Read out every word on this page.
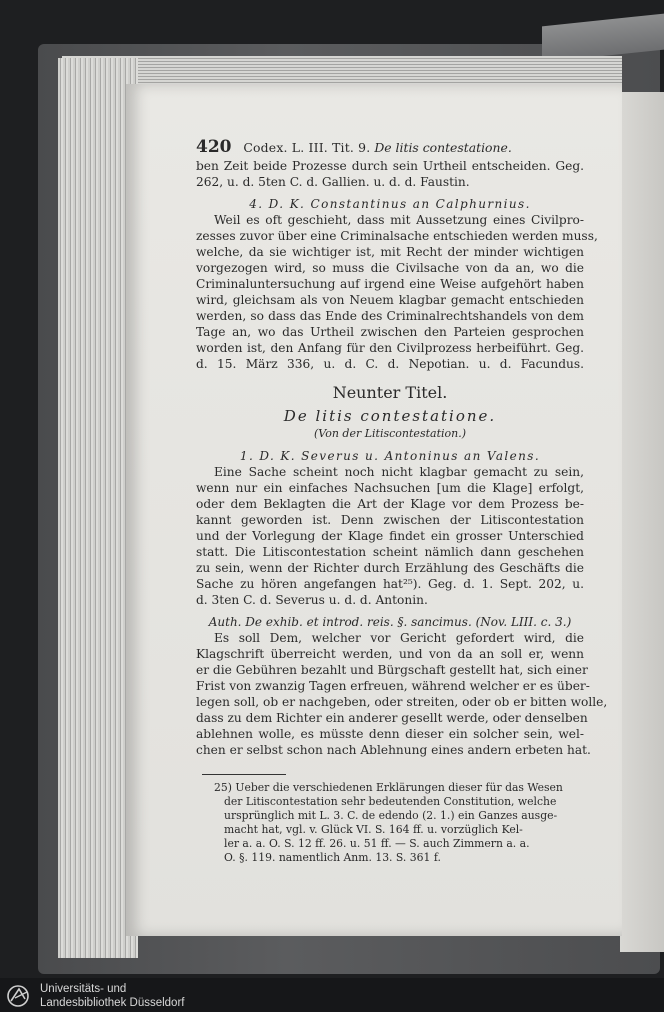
420 Codex. L. III. Tit. 9. De litis contestatione.
ben Zeit beide Prozesse durch sein Urtheil entscheiden. Geg.
262, u. d. 5ten C. d. Gallien. u. d. d. Faustin.
4. D. K. Constantinus an Calphurnius.
Weil es oft geschieht, dass mit Aussetzung eines Civilpro-
zesses zuvor über eine Criminalsache entschieden werden muss,
welche, da sie wichtiger ist, mit Recht der minder wichtigen
vorgezogen wird, so muss die Civilsache von da an, wo die
Criminaluntersuchung auf irgend eine Weise aufgehört haben
wird, gleichsam als von Neuem klagbar gemacht entschieden
werden, so dass das Ende des Criminalrechtshandels von dem
Tage an, wo das Urtheil zwischen den Parteien gesprochen
worden ist, den Anfang für den Civilprozess herbeiführt. Geg.
d. 15. März 336, u. d. C. d. Nepotian. u. d. Facundus.
Neunter Titel.
De litis contestatione.
(Von der Litiscontestation.)
1. D. K. Severus u. Antoninus an Valens.
Eine Sache scheint noch nicht klagbar gemacht zu sein,
wenn nur ein einfaches Nachsuchen [um die Klage] erfolgt,
oder dem Beklagten die Art der Klage vor dem Prozess be-
kannt geworden ist. Denn zwischen der Litiscontestation
und der Vorlegung der Klage findet ein grosser Unterschied
statt. Die Litiscontestation scheint nämlich dann geschehen
zu sein, wenn der Richter durch Erzählung des Geschäfts die
Sache zu hören angefangen hat²⁵). Geg. d. 1. Sept. 202, u.
d. 3ten C. d. Severus u. d. d. Antonin.
Auth. De exhib. et introd. reis. §. sancimus. (Nov. LIII. c. 3.)
Es soll Dem, welcher vor Gericht gefordert wird, die
Klagschrift überreicht werden, und von da an soll er, wenn
er die Gebühren bezahlt und Bürgschaft gestellt hat, sich einer
Frist von zwanzig Tagen erfreuen, während welcher er es über-
legen soll, ob er nachgeben, oder streiten, oder ob er bitten wolle,
dass zu dem Richter ein anderer gesellt werde, oder denselben
ablehnen wolle, es müsste denn dieser ein solcher sein, wel-
chen er selbst schon nach Ablehnung eines andern erbeten hat.
25) Ueber die verschiedenen Erklärungen dieser für das Wesen
der Litiscontestation sehr bedeutenden Constitution, welche
ursprünglich mit L. 3. C. de edendo (2. 1.) ein Ganzes ausge-
macht hat, vgl. v. Glück VI. S. 164 ff. u. vorzüglich Kel-
ler a. a. O. S. 12 ff. 26. u. 51 ff. — S. auch Zimmern a. a.
O. §. 119. namentlich Anm. 13. S. 361 f.
Universitäts- und
Landesbibliothek Düsseldorf
